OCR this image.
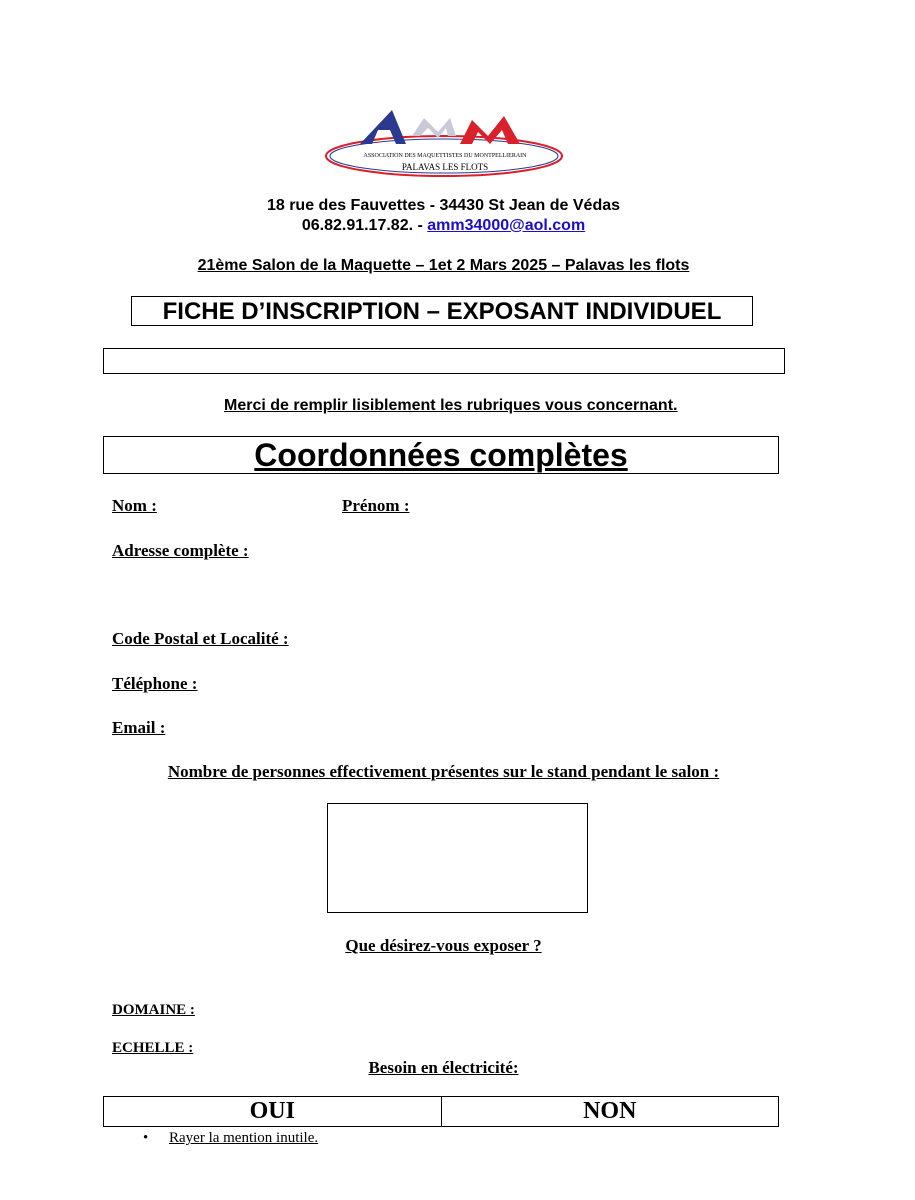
ASSOCIATION DES MAQUETTISTES DU MONTPELLIERAIN
PALAVAS LES FLOTS
18 rue des Fauvettes - 34430 St Jean de Védas
06.82.91.17.82. - amm34000@aol.com
21ème Salon de la Maquette – 1et 2 Mars 2025 – Palavas les flots
FICHE D’INSCRIPTION – EXPOSANT INDIVIDUEL
Merci de remplir lisiblement les rubriques vous concernant.
Coordonnées complètes
Nom :	Prénom :
Adresse complète :
Code Postal et Localité :
Téléphone :
Email :
Nombre de personnes effectivement présentes sur le stand pendant le salon :
Que désirez-vous exposer ?
DOMAINE :
ECHELLE :
Besoin en électricité:
OUI	NON
• Rayer la mention inutile.
